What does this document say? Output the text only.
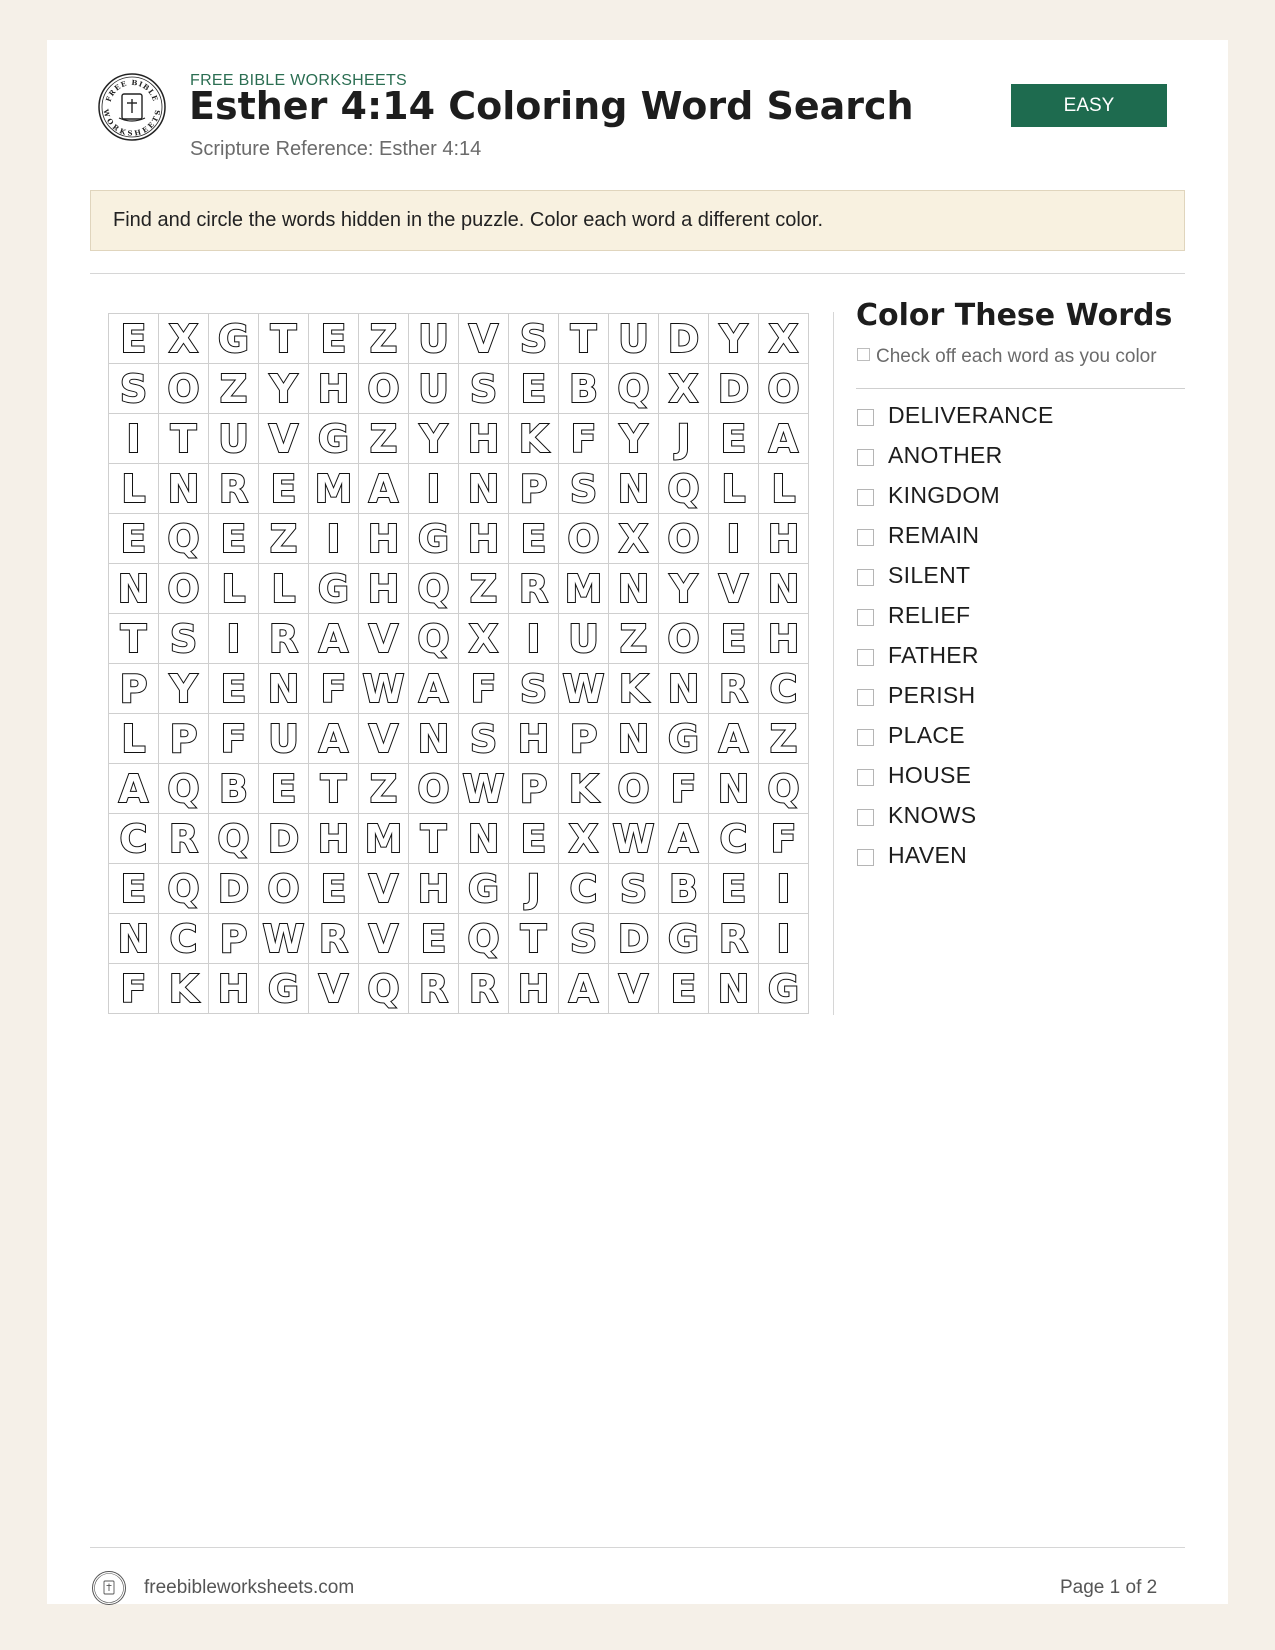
FREE BIBLE
WORKSHEETS
FREE BIBLE WORKSHEETS
Esther 4:14 Coloring Word Search
Scripture Reference: Esther 4:14
EASY
Find and circle the words hidden in the puzzle. Color each word a different color.
E X G T E Z U V S T U D Y X
S O Z Y H O U S E B Q X D O
I T U V G Z Y H K F Y J E A
L N R E M A I N P S N Q L L
E Q E Z I H G H E O X O I H
N O L L G H Q Z R M N Y V N
T S I R A V Q X I U Z O E H
P Y E N F W A F S W K N R C
L P F U A V N S H P N G A Z
A Q B E T Z O W P K O F N Q
C R Q D H M T N E X W A C F
E Q D O E V H G J C S B E I
N C P W R V E Q T S D G R I
F K H G V Q R R H A V E N G
Color These Words
Check off each word as you color
DELIVERANCE
ANOTHER
KINGDOM
REMAIN
SILENT
RELIEF
FATHER
PERISH
PLACE
HOUSE
KNOWS
HAVEN
freebibleworksheets.com	Page 1 of 2
